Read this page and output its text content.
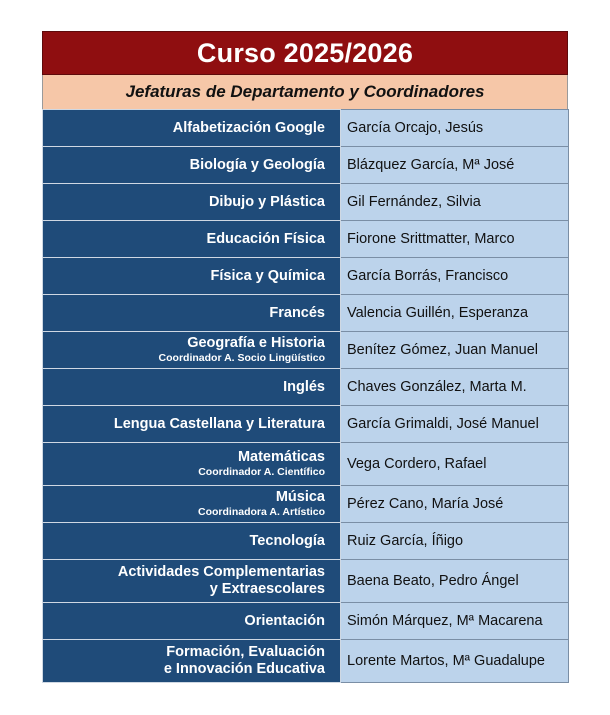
Curso 2025/2026
Jefaturas de Departamento y Coordinadores
Alfabetización Google	García Orcajo, Jesús

Biología y Geología	Blázquez García, Mª José

Dibujo y Plástica	Gil Fernández, Silvia

Educación Física	Fiorone Srittmatter, Marco

Física y Química	García Borrás, Francisco

Francés	Valencia Guillén, Esperanza

Geografía e Historia
Coordinador A. Socio Lingüístico	Benítez Gómez, Juan Manuel

Inglés	Chaves González, Marta M.

Lengua Castellana y Literatura	García Grimaldi, José Manuel

Matemáticas
Coordinador A. Científico	Vega Cordero, Rafael

Música
Coordinadora A. Artístico	Pérez Cano, María José

Tecnología	Ruiz García, Íñigo

Actividades Complementarias
y Extraescolares	Baena Beato, Pedro Ángel

Orientación	Simón Márquez, Mª Macarena

Formación, Evaluación
e Innovación Educativa	Lorente Martos, Mª Guadalupe
